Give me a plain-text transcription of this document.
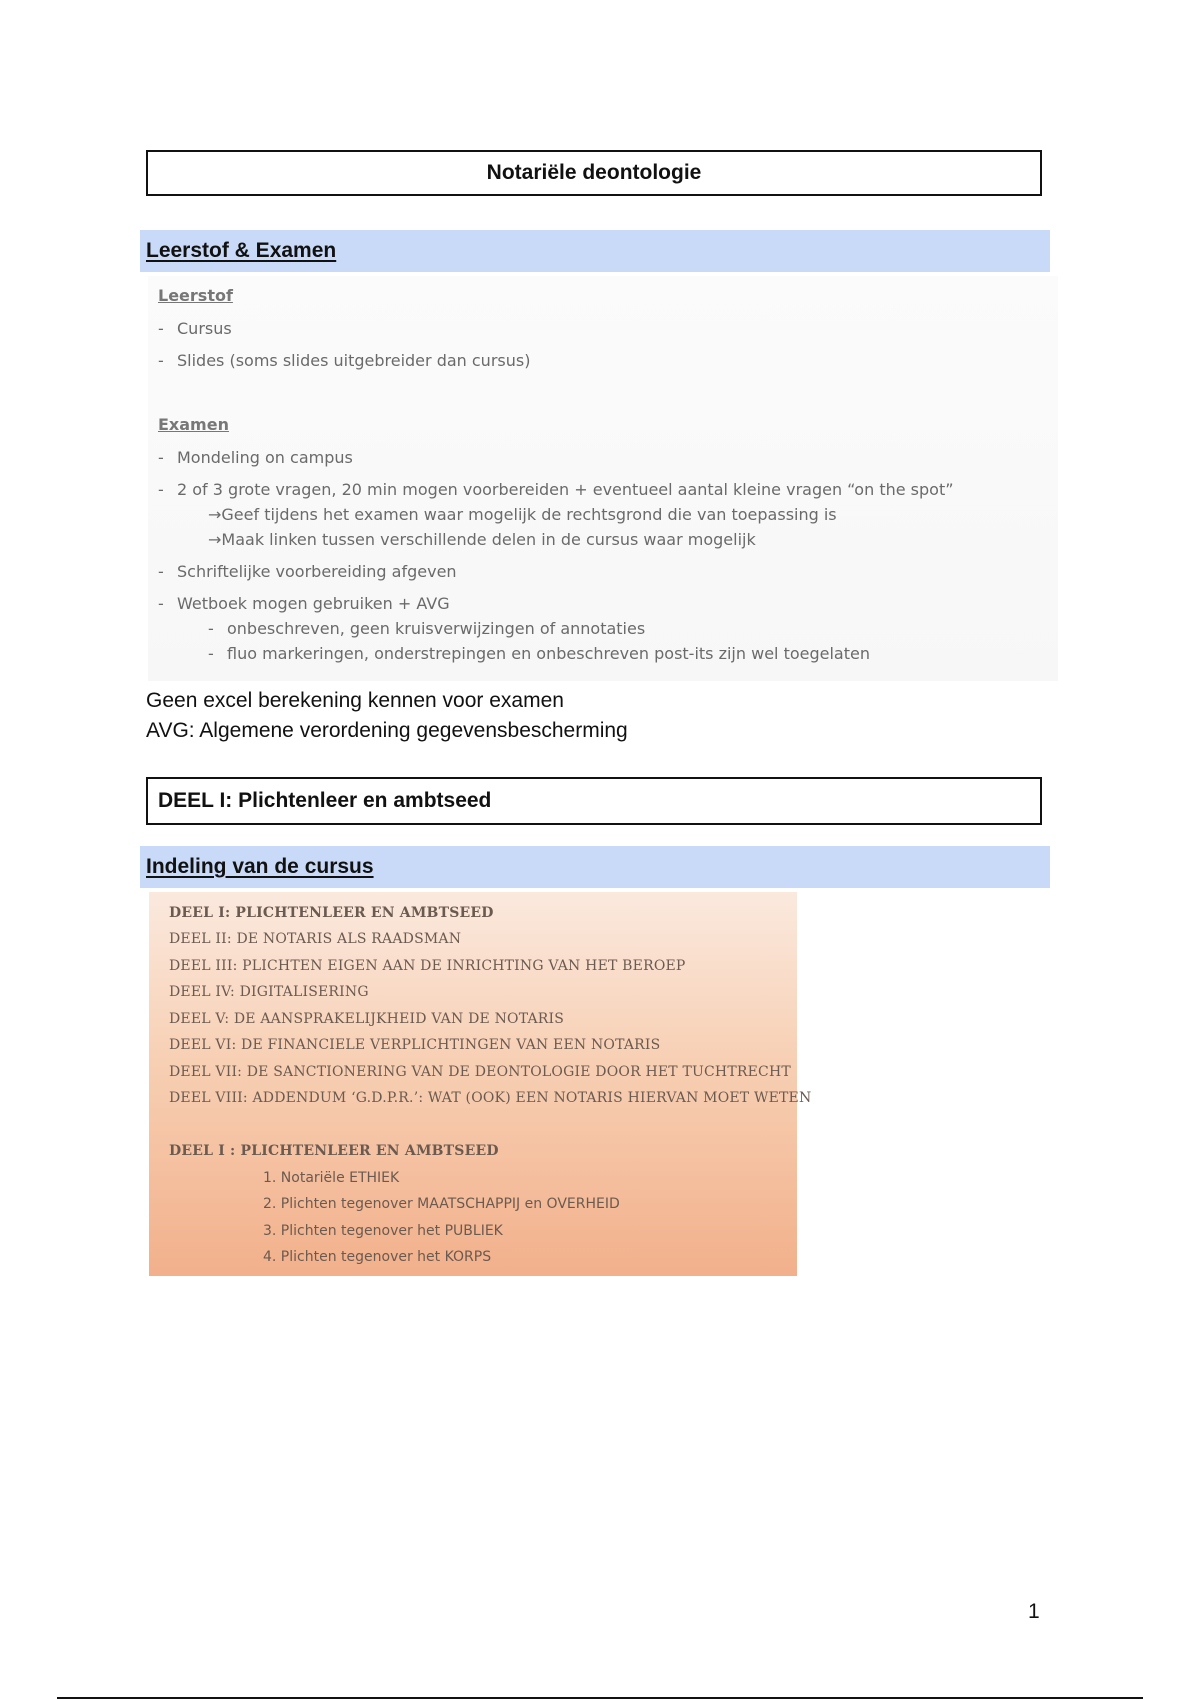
Notariële deontologie
Leerstof & Examen
Leerstof
- Cursus
- Slides (soms slides uitgebreider dan cursus)
Examen
- Mondeling on campus
- 2 of 3 grote vragen, 20 min mogen voorbereiden + eventueel aantal kleine vragen “on the spot”
→Geef tijdens het examen waar mogelijk de rechtsgrond die van toepassing is
→Maak linken tussen verschillende delen in de cursus waar mogelijk
- Schriftelijke voorbereiding afgeven
- Wetboek mogen gebruiken + AVG
- onbeschreven, geen kruisverwijzingen of annotaties
- fluo markeringen, onderstrepingen en onbeschreven post-its zijn wel toegelaten
Geen excel berekening kennen voor examen
AVG: Algemene verordening gegevensbescherming
DEEL I: Plichtenleer en ambtseed
Indeling van de cursus
DEEL I: PLICHTENLEER EN AMBTSEED
DEEL II: DE NOTARIS ALS RAADSMAN
DEEL III: PLICHTEN EIGEN AAN DE INRICHTING VAN HET BEROEP
DEEL IV: DIGITALISERING
DEEL V: DE AANSPRAKELIJKHEID VAN DE NOTARIS
DEEL VI: DE FINANCIELE VERPLICHTINGEN VAN EEN NOTARIS
DEEL VII: DE SANCTIONERING VAN DE DEONTOLOGIE DOOR HET TUCHTRECHT
DEEL VIII: ADDENDUM ‘G.D.P.R.’: WAT (OOK) EEN NOTARIS HIERVAN MOET WETEN
DEEL I : PLICHTENLEER EN AMBTSEED
1. Notariële ETHIEK
2. Plichten tegenover MAATSCHAPPIJ en OVERHEID
3. Plichten tegenover het PUBLIEK
4. Plichten tegenover het KORPS
1
